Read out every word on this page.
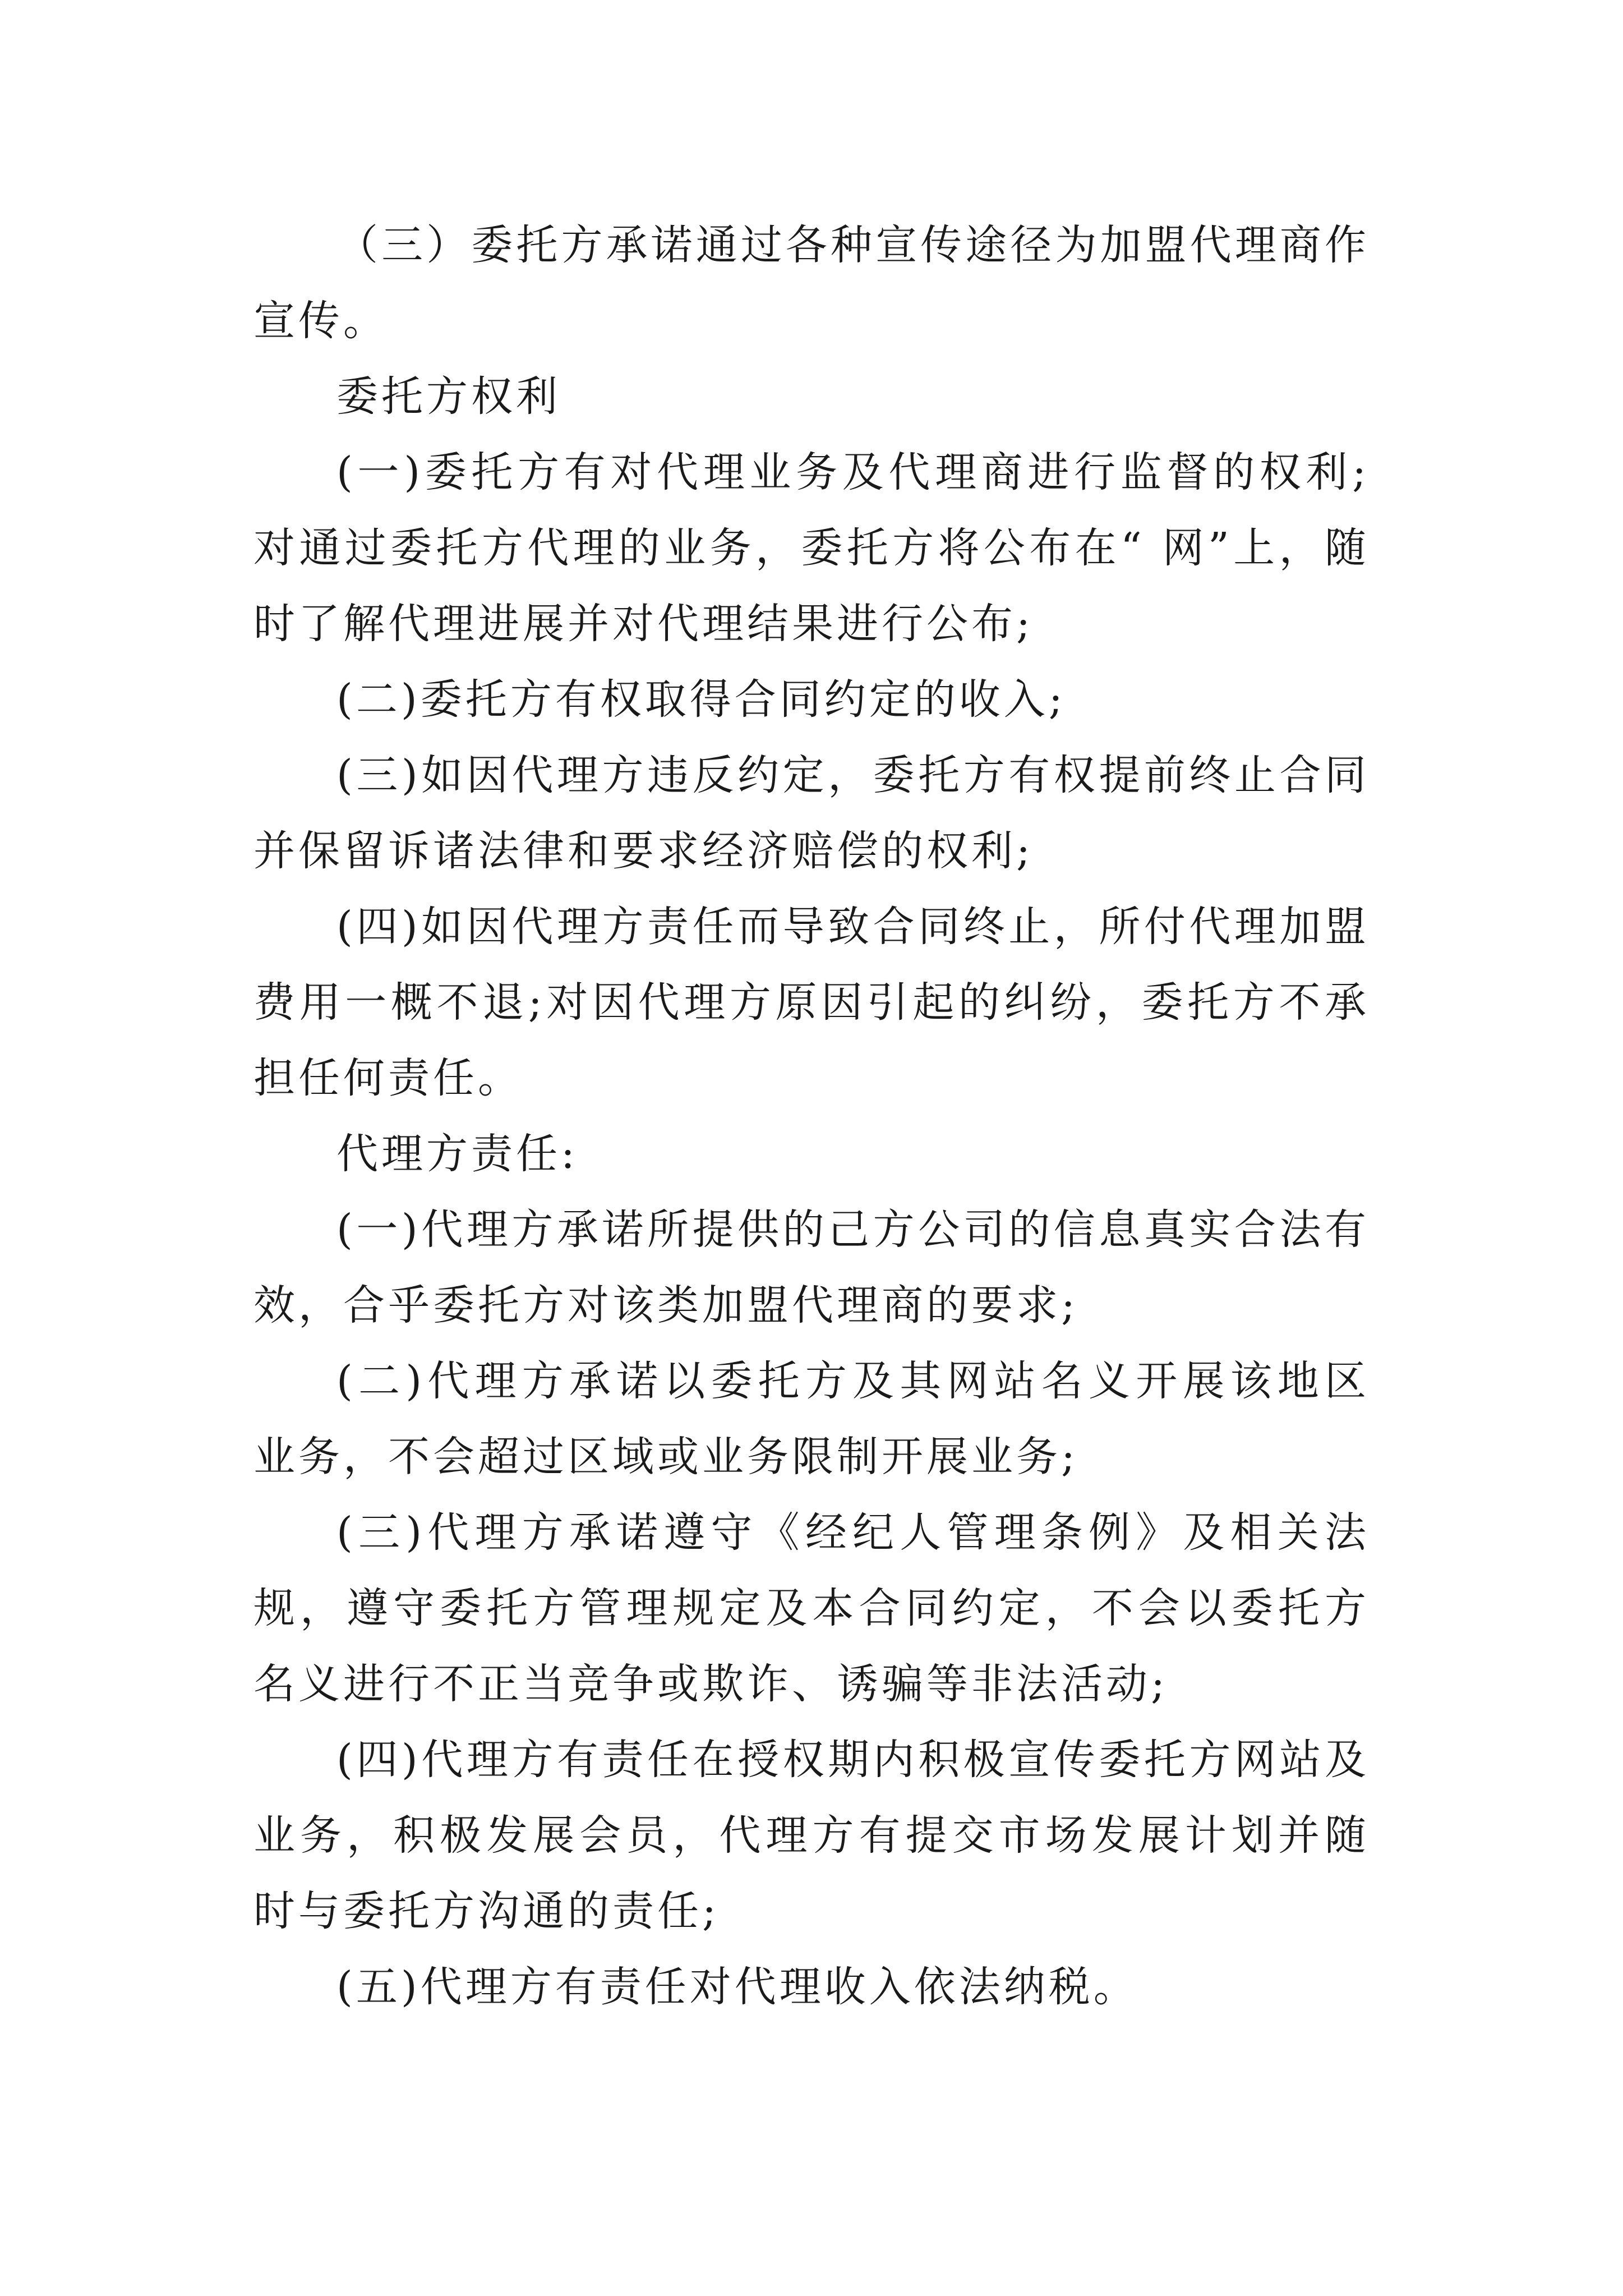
（三）委托方承诺通过各种宣传途径为加盟代理商作宣传。

委托方权利

(一)委托方有对代理业务及代理商进行监督的权利;对通过委托方代理的业务，委托方将公布在“ 网”上，随时了解代理进展并对代理结果进行公布;

(二)委托方有权取得合同约定的收入;

(三)如因代理方违反约定，委托方有权提前终止合同并保留诉诸法律和要求经济赔偿的权利;

(四)如因代理方责任而导致合同终止，所付代理加盟费用一概不退;对因代理方原因引起的纠纷，委托方不承担任何责任。

代理方责任:

(一)代理方承诺所提供的己方公司的信息真实合法有效，合乎委托方对该类加盟代理商的要求;

(二)代理方承诺以委托方及其网站名义开展该地区 业务，不会超过区域或业务限制开展业务;

(三)代理方承诺遵守《经纪人管理条例》及相关法规，遵守委托方管理规定及本合同约定，不会以委托方名义进行不正当竞争或欺诈、诱骗等非法活动;

(四)代理方有责任在授权期内积极宣传委托方网站及业务，积极发展会员，代理方有提交市场发展计划并随时与委托方沟通的责任;

(五)代理方有责任对代理收入依法纳税。
